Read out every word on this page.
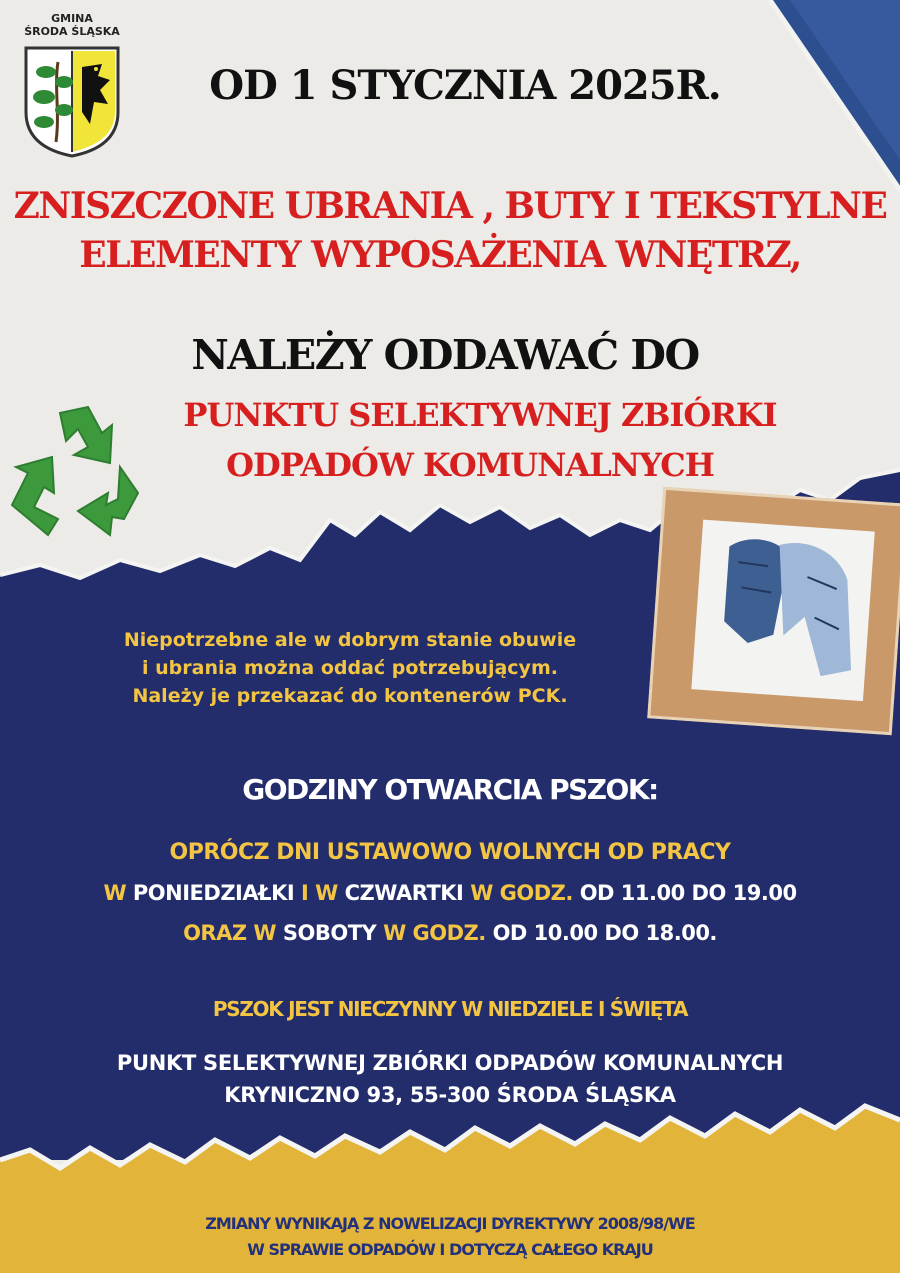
GMINA
ŚRODA ŚLĄSKA

OD 1 STYCZNIA 2025R.

ZNISZCZONE UBRANIA , BUTY I TEKSTYLNE

ELEMENTY WYPOSAŻENIA WNĘTRZ,

NALEŻY ODDAWAĆ DO

PUNKTU SELEKTYWNEJ ZBIÓRKI

ODPADÓW KOMUNALNYCH

Niepotrzebne ale w dobrym stanie obuwie

i ubrania można oddać potrzebującym.

Należy je przekazać do kontenerów PCK.

GODZINY OTWARCIA PSZOK:

OPRÓCZ DNI USTAWOWO WOLNYCH OD PRACY

W PONIEDZIAŁKI I W CZWARTKI W GODZ. OD 11.00 DO 19.00

ORAZ W SOBOTY W GODZ. OD 10.00 DO 18.00.

PSZOK JEST NIECZYNNY W NIEDZIELE I ŚWIĘTA

PUNKT SELEKTYWNEJ ZBIÓRKI ODPADÓW KOMUNALNYCH

KRYNICZNO 93, 55-300 ŚRODA ŚLĄSKA

ZMIANY WYNIKAJĄ Z NOWELIZACJI DYREKTYWY 2008/98/WE

W SPRAWIE ODPADÓW I DOTYCZĄ CAŁEGO KRAJU
